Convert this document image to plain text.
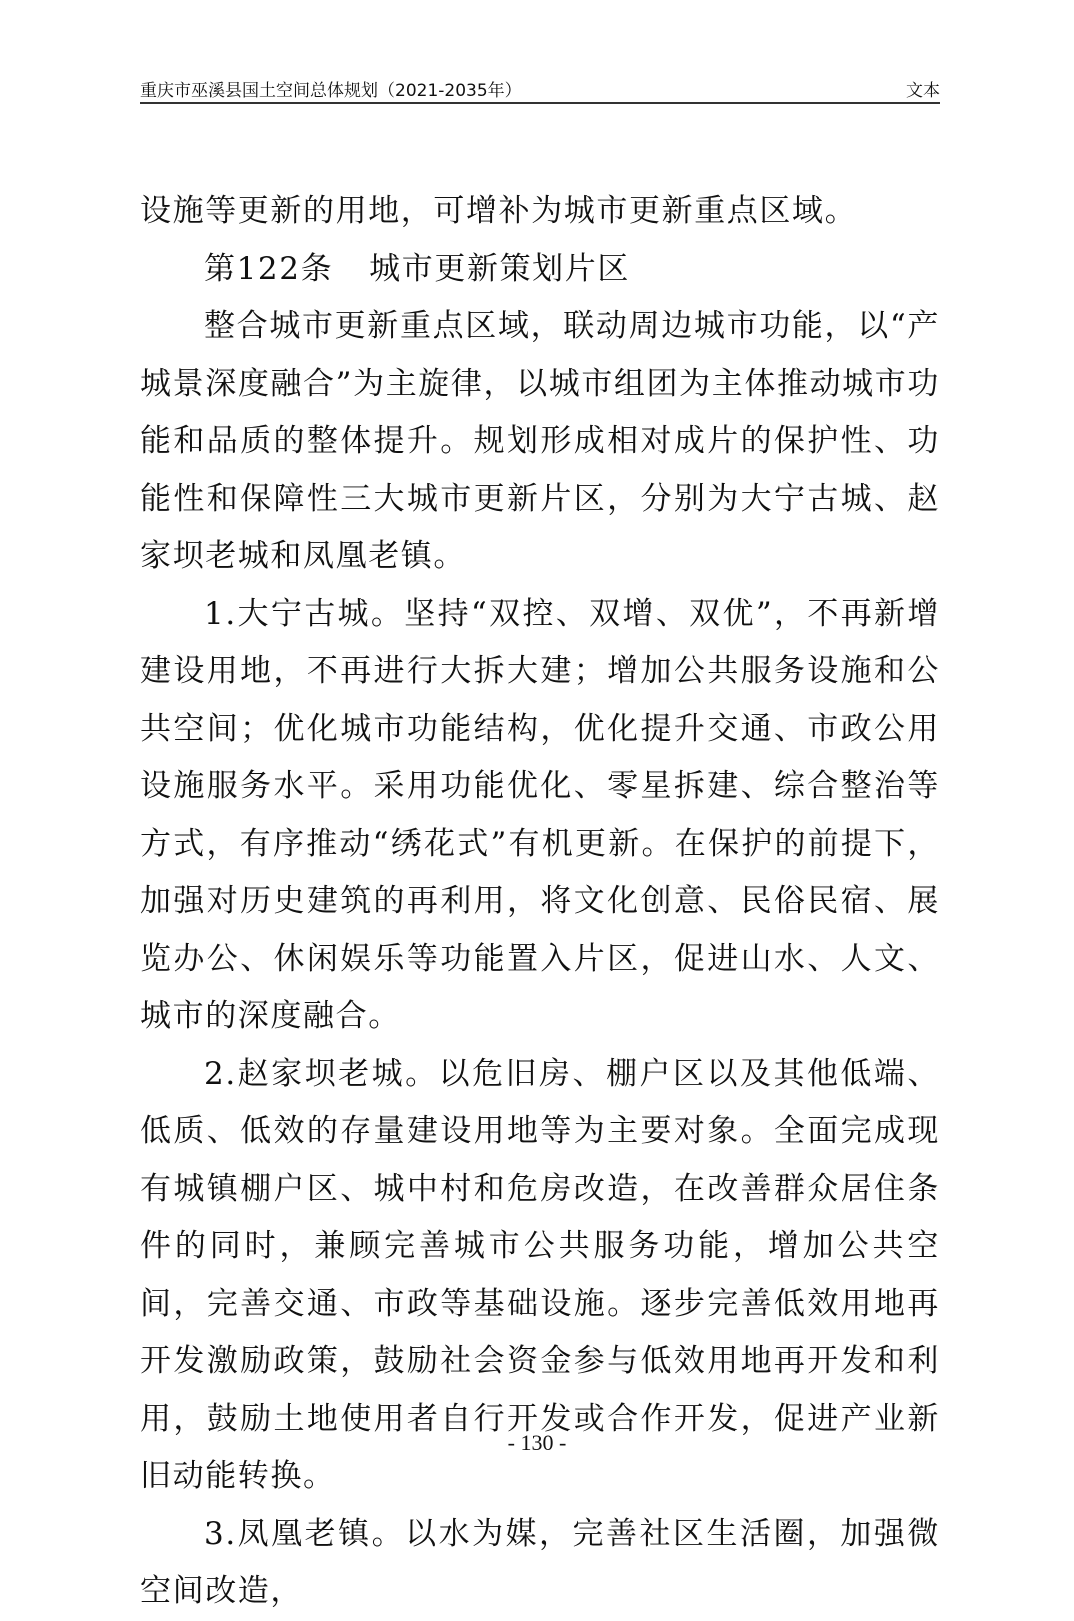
重庆市巫溪县国土空间总体规划（2021-2035年）	文本

设施等更新的用地，可增补为城市更新重点区域。

第122条 城市更新策划片区

整合城市更新重点区域，联动周边城市功能，以“产城景深度融合”为主旋律，以城市组团为主体推动城市功能和品质的整体提升。规划形成相对成片的保护性、功能性和保障性三大城市更新片区，分别为大宁古城、赵家坝老城和凤凰老镇。

1.大宁古城。坚持“双控、双增、双优”，不再新增建设用地，不再进行大拆大建；增加公共服务设施和公共空间；优化城市功能结构，优化提升交通、市政公用设施服务水平。采用功能优化、零星拆建、综合整治等方式，有序推动“绣花式”有机更新。在保护的前提下，加强对历史建筑的再利用，将文化创意、民俗民宿、展览办公、休闲娱乐等功能置入片区，促进山水、人文、城市的深度融合。

2.赵家坝老城。以危旧房、棚户区以及其他低端、低质、低效的存量建设用地等为主要对象。全面完成现有城镇棚户区、城中村和危房改造，在改善群众居住条件的同时，兼顾完善城市公共服务功能，增加公共空间，完善交通、市政等基础设施。逐步完善低效用地再开发激励政策，鼓励社会资金参与低效用地再开发和利用，鼓励土地使用者自行开发或合作开发，促进产业新旧动能转换。

3.凤凰老镇。以水为媒，完善社区生活圈，加强微空间改造，

- 130 -
